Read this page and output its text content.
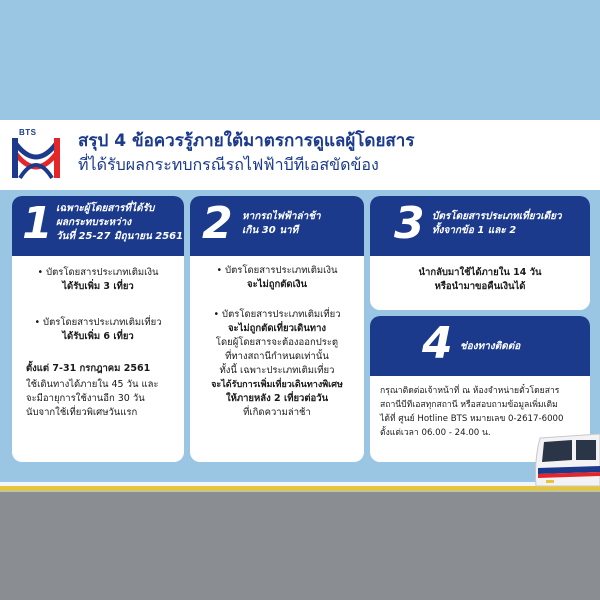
BTS สรุป 4 ข้อควรรู้ภายใต้มาตรการดูแลผู้โดยสาร
ที่ได้รับผลกระทบกรณีรถไฟฟ้าบีทีเอสขัดข้อง
1 เฉพาะผู้โดยสารที่ได้รับ
ผลกระทบระหว่าง
วันที่ 25-27 มิถุนายน 2561
• บัตรโดยสารประเภทเติมเงิน
ได้รับเพิ่ม 3 เที่ยว
• บัตรโดยสารประเภทเติมเที่ยว
ได้รับเพิ่ม 6 เที่ยว
ตั้งแต่ 7-31 กรกฎาคม 2561
ใช้เดินทางได้ภายใน 45 วัน และ
จะมีอายุการใช้งานอีก 30 วัน
นับจากใช้เที่ยวพิเศษวันแรก
2 หากรถไฟฟ้าล่าช้า
เกิน 30 นาที
• บัตรโดยสารประเภทเติมเงิน
จะไม่ถูกตัดเงิน
• บัตรโดยสารประเภทเติมเที่ยว
จะไม่ถูกตัดเที่ยวเดินทาง
โดยผู้โดยสารจะต้องออกประตู
ที่ทางสถานีกำหนดเท่านั้น
ทั้งนี้ เฉพาะประเภทเติมเที่ยว
จะได้รับการเพิ่มเที่ยวเดินทางพิเศษ
ให้ภายหลัง 2 เที่ยวต่อวัน
ที่เกิดความล่าช้า
3 บัตรโดยสารประเภทเที่ยวเดียว
ทั้งจากข้อ 1 และ 2
นำกลับมาใช้ได้ภายใน 14 วัน
หรือนำมาขอคืนเงินได้
4 ช่องทางติดต่อ
กรุณาติดต่อเจ้าหน้าที่ ณ ห้องจำหน่ายตั๋วโดยสาร
สถานีบีทีเอสทุกสถานี หรือสอบถามข้อมูลเพิ่มเติม
ได้ที่ ศูนย์ Hotline BTS หมายเลข 0-2617-6000
ตั้งแต่เวลา 06.00 - 24.00 น.
